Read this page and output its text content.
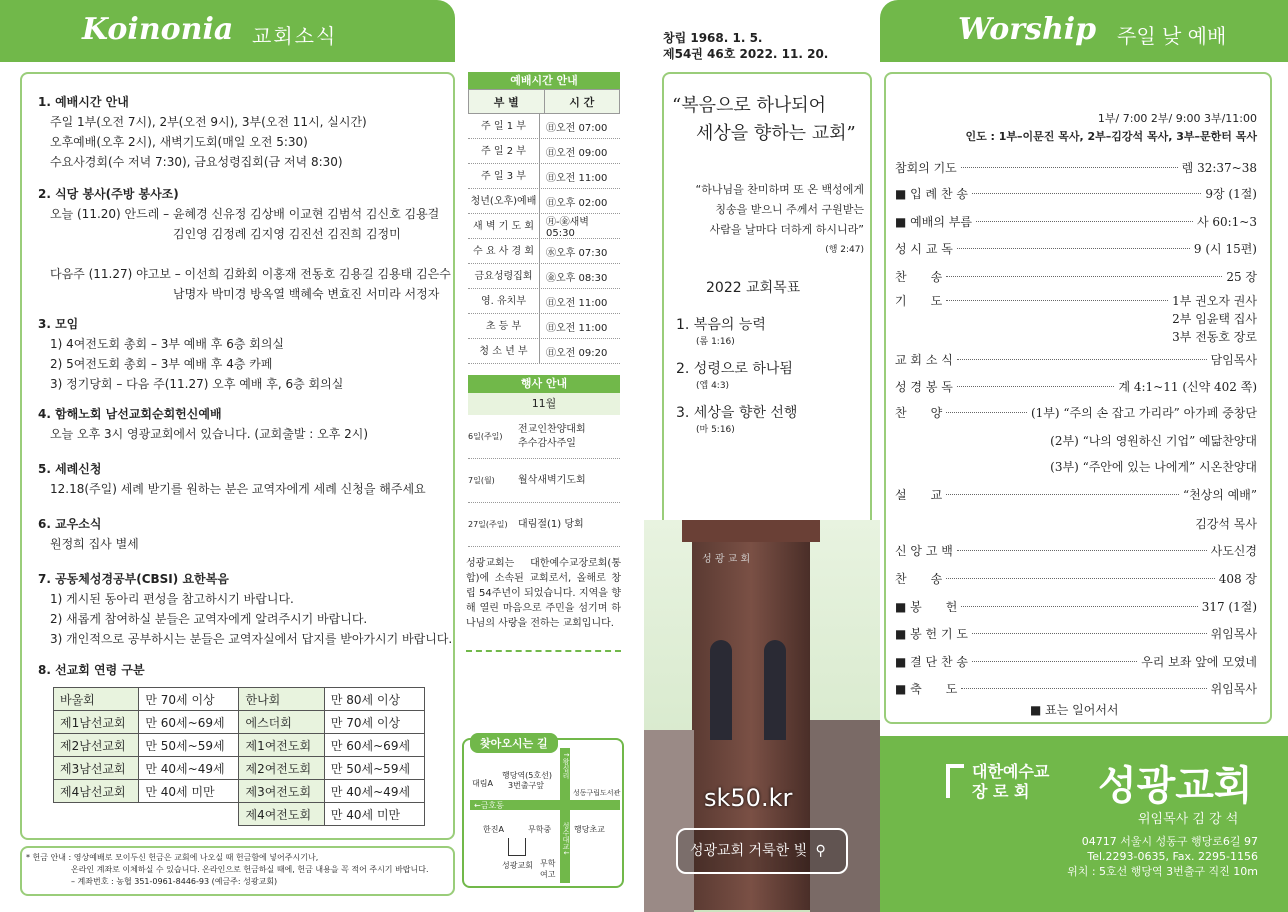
Koinonia 교회소식
1. 예배시간 안내
주일 1부(오전 7시), 2부(오전 9시), 3부(오전 11시, 실시간)
오후예배(오후 2시), 새벽기도회(매일 오전 5:30)
수요사경회(수 저녁 7:30), 금요성령집회(금 저녁 8:30)
2. 식당 봉사(주방 봉사조)
오늘 (11.20) 안드레 – 윤혜경 신유정 김상배 이교현 김범석 김신호 김용걸
김인영 김정례 김지영 김진선 김진희 김정미
다음주 (11.27) 야고보 – 이선희 김화회 이홍재 전동호 김용길 김용태 김은수
남명자 박미경 방옥열 백혜숙 변효진 서미라 서정자
3. 모임
1) 4여전도회 총회 – 3부 예배 후 6층 회의실
2) 5여전도회 총회 – 3부 예배 후 4층 카페
3) 정기당회 – 다음 주(11.27) 오후 예배 후, 6층 회의실
4. 함해노회 남선교회순회헌신예배
오늘 오후 3시 영광교회에서 있습니다. (교회출발 : 오후 2시)
5. 세례신청
12.18(주일) 세례 받기를 원하는 분은 교역자에게 세례 신청을 해주세요
6. 교우소식
원정희 집사 별세
7. 공동체성경공부(CBSI) 요한복음
1) 게시된 동아리 편성을 참고하시기 바랍니다.
2) 새롭게 참여하실 분들은 교역자에게 알려주시기 바랍니다.
3) 개인적으로 공부하시는 분들은 교역자실에서 답지를 받아가시기 바랍니다.
8. 선교회 연령 구분
바울회	만 70세 이상	한나회	만 80세 이상
제1남선교회	만 60세~69세	에스더회	만 70세 이상
제2남선교회	만 50세~59세	제1여전도회	만 60세~69세
제3남선교회	만 40세~49세	제2여전도회	만 50세~59세
제4남선교회	만 40세 미만	제3여전도회	만 40세~49세
		제4여전도회	만 40세 미만
* 헌금 안내 : 영상예배로 모이두신 헌금은 교회에 나오실 때 헌금함에 넣어주시기나,
온라인 계좌로 이체하실 수 있습니다. 온라인으로 헌금하실 때에, 헌금 내용을 꼭 적어 주시기 바랍니다.
– 계좌번호 : 농협 351-0961-8446-93 (예금주: 성광교회)
예배시간 안내
부 별	시 간
주 일 1 부	㊐오전 07:00
주 일 2 부	㊐오전 09:00
주 일 3 부	㊐오전 11:00
청년(오후)예배 ㊐오후 02:00
새 벽 기 도 회	㊊-㊎새벽 05:30
수 요 사 경 회	㊌오후 07:30
금요성령집회	㊎오후 08:30
영. 유치부	㊐오전 11:00
초 등 부	㊐오전 11:00
청 소 년 부	㊐오전 09:20
행사 안내
11월
6일(주일)
전교인찬양대회
추수감사주일
7일(월)	월삭새벽기도회
27일(주일)	대림절(1) 당회
성광교회는 대한예수교장로회(통합)에 소속된 교회로서, 올해로 창립 54주년이 되었습니다. 지역을 향해 열린 마음으로 주민을 섬기며 하나님의 사랑을 전하는 교회입니다.
찾아오시는 길
대림A
행당역(5호선)
3번출구앞
성동구립도서관
←금호동
한진A	무학중	행당초교
성광교회 무학여고
↑왕십리
성수대교↓
창립 1968. 1. 5.
제54권 46호 2022. 11. 20.
“복음으로 하나되어
세상을 향하는 교회”
“하나님을 찬미하며 또 온 백성에게
칭송을 받으니 주께서 구원받는
사람을 날마다 더하게 하시니라”
(행 2:47)
2022 교회목표
1. 복음의 능력
(롬 1:16)
2. 성령으로 하나됨
(엡 4:3)
3. 세상을 향한 선행
(마 5:16)
성 광 교 회
sk50.kr
성광교회 거룩한 빛 ⚲
Worship 주일 낮 예배
1부/ 7:00 2부/ 9:00 3부/11:00
인도 : 1부–이문진 목사, 2부–김강석 목사, 3부–문한터 목사
참회의 기도	렘 32:37~38
■ 입 례 찬 송	9장 (1절)
■ 예배의 부름	사 60:1~3
성 시 교 독	9 (시 15편)
찬　　송	25 장
기　　도	1부 권오자 권사
2부 임윤택 집사
3부 전동호 장로
교 회 소 식	담임목사
성 경 봉 독	계 4:1~11 (신약 402 쪽)
찬　　양	(1부) “주의 손 잡고 가리라” 아가페 중창단
(2부) “나의 영원하신 기업” 예닮찬양대
(3부) “주안에 있는 나에게” 시온찬양대
설　　교	“천상의 예배”
김강석 목사
신 앙 고 백	사도신경
찬　　송	408 장
■ 봉　　헌	317 (1절)
■ 봉 헌 기 도	위임목사
■ 결 단 찬 송	우리 보좌 앞에 모였네
■ 축　　도	위임목사
■ 표는 일어서서
대한예수교
장 로 회	성광교회
위임목사 김 강 석
04717 서울시 성동구 행당로6길 97
Tel.2293-0635, Fax. 2295-1156
위치 : 5호선 행당역 3번출구 직진 10m
